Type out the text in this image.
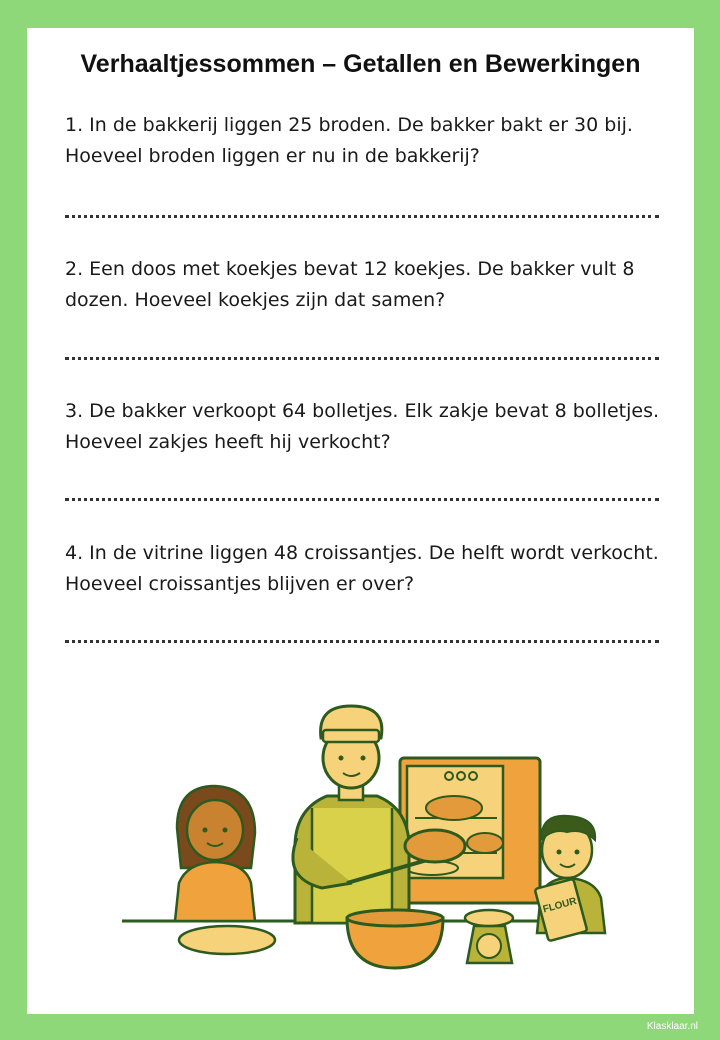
Verhaaltjessommen – Getallen en Bewerkingen
1. In de bakkerij liggen 25 broden. De bakker bakt er 30 bij. Hoeveel broden liggen er nu in de bakkerij?
2. Een doos met koekjes bevat 12 koekjes. De bakker vult 8 dozen. Hoeveel koekjes zijn dat samen?
3. De bakker verkoopt 64 bolletjes. Elk zakje bevat 8 bolletjes. Hoeveel zakjes heeft hij verkocht?
4. In de vitrine liggen 48 croissantjes. De helft wordt verkocht. Hoeveel croissantjes blijven er over?
FLOUR
Klasklaar.nl
